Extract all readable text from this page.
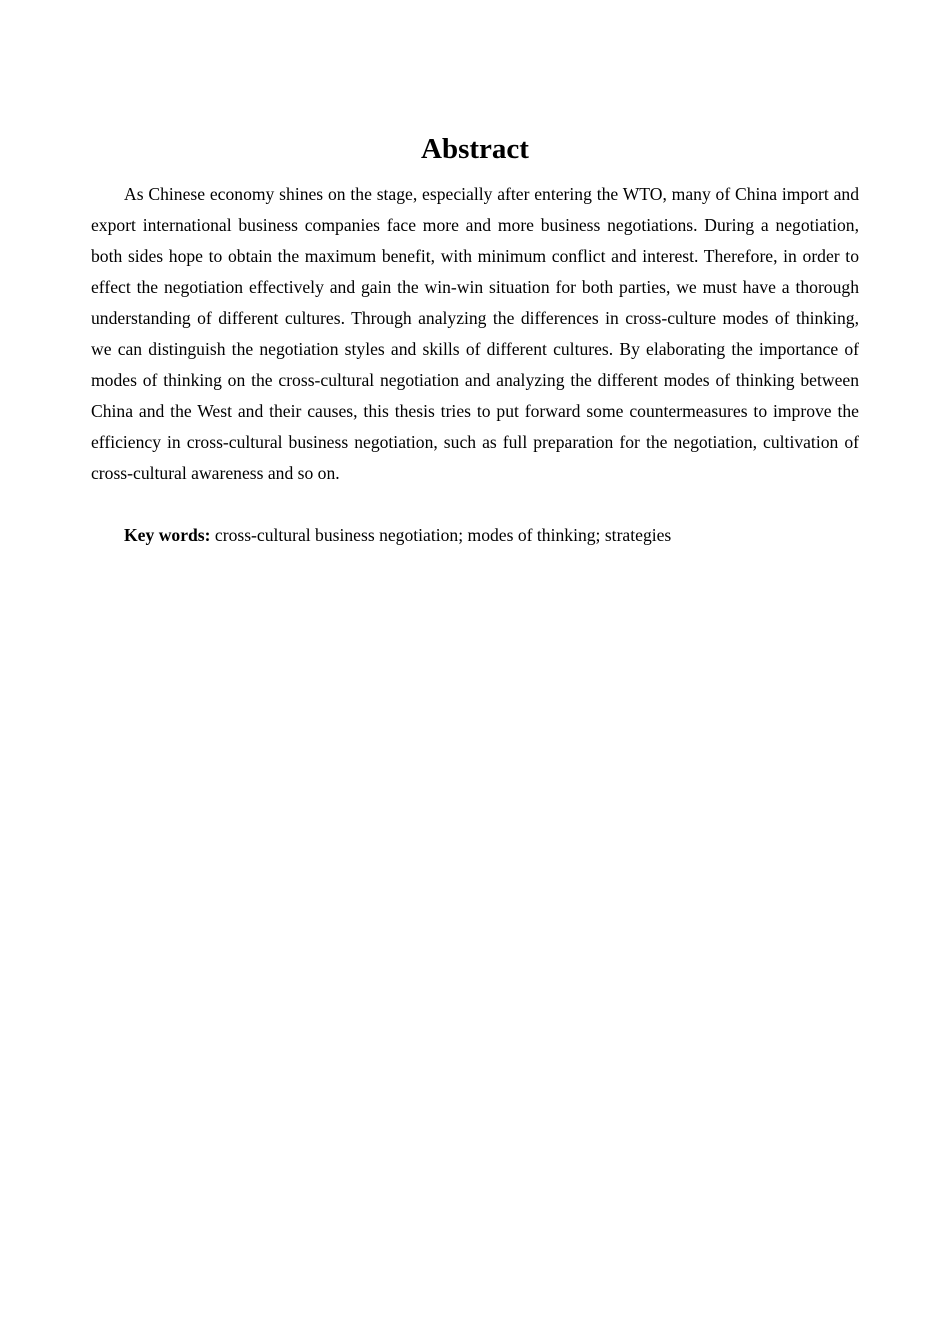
Abstract

As Chinese economy shines on the stage, especially after entering the WTO, many of China import and export international business companies face more and more business negotiations. During a negotiation, both sides hope to obtain the maximum benefit, with minimum conflict and interest. Therefore, in order to effect the negotiation effectively and gain the win-win situation for both parties, we must have a thorough understanding of different cultures. Through analyzing the differences in cross-culture modes of thinking, we can distinguish the negotiation styles and skills of different cultures. By elaborating the importance of modes of thinking on the cross-cultural negotiation and analyzing the different modes of thinking between China and the West and their causes, this thesis tries to put forward some countermeasures to improve the efficiency in cross-cultural business negotiation, such as full preparation for the negotiation, cultivation of cross-cultural awareness and so on.

Key words: cross-cultural business negotiation; modes of thinking; strategies
